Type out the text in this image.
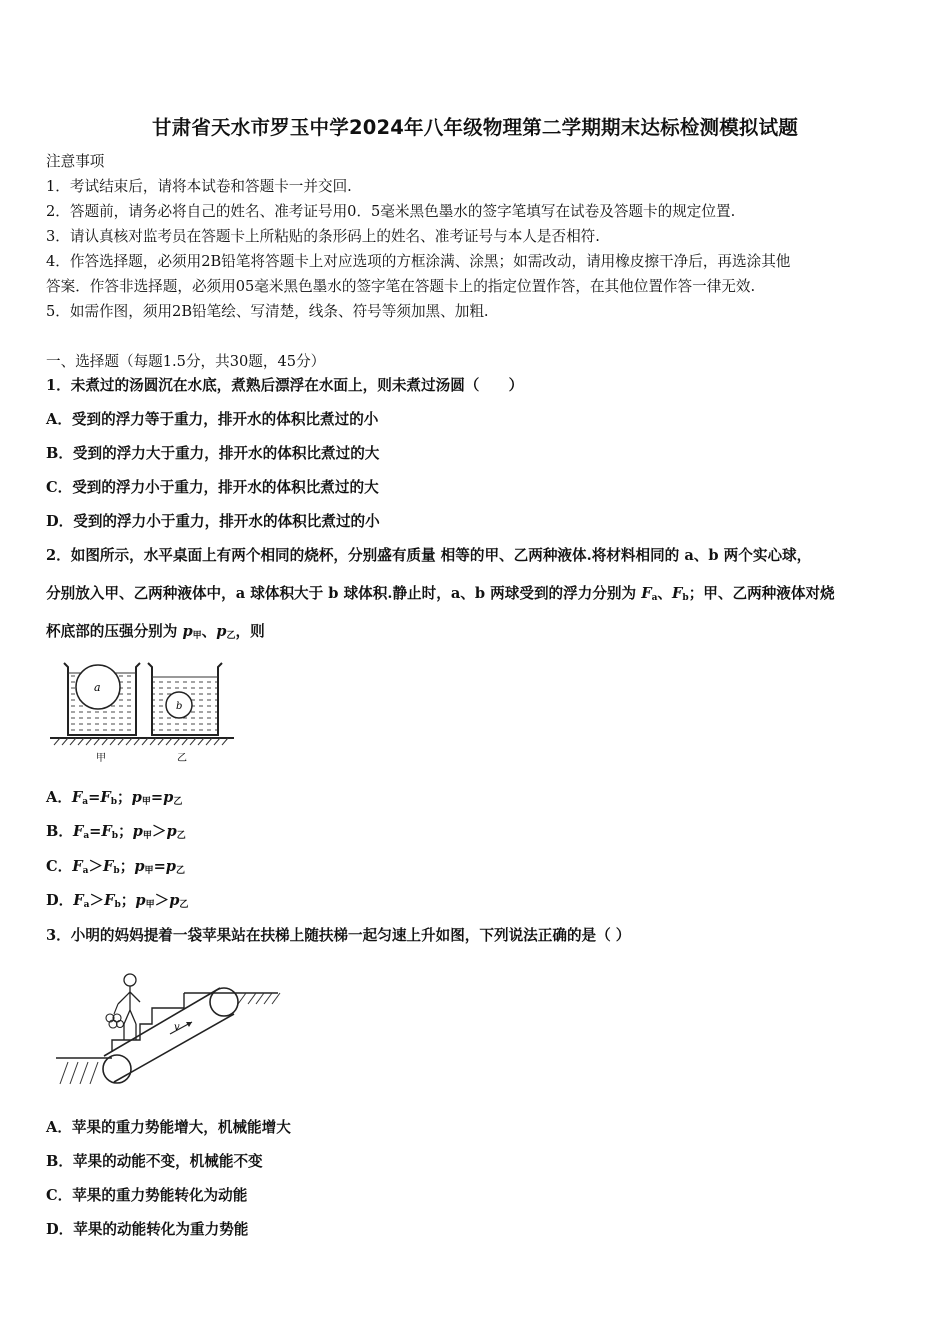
甘肃省天水市罗玉中学2024年八年级物理第二学期期末达标检测模拟试题
注意事项
1．考试结束后，请将本试卷和答题卡一并交回.
2．答题前，请务必将自己的姓名、准考证号用0．5毫米黑色墨水的签字笔填写在试卷及答题卡的规定位置.
3．请认真核对监考员在答题卡上所粘贴的条形码上的姓名、准考证号与本人是否相符.
4．作答选择题，必须用2B铅笔将答题卡上对应选项的方框涂满、涂黑；如需改动，请用橡皮擦干净后，再选涂其他
答案．作答非选择题，必须用05毫米黑色墨水的签字笔在答题卡上的指定位置作答，在其他位置作答一律无效.
5．如需作图，须用2B铅笔绘、写清楚，线条、符号等须加黑、加粗.
一、选择题（每题1.5分，共30题，45分）
1．未煮过的汤圆沉在水底，煮熟后漂浮在水面上，则未煮过汤圆（　　）
A．受到的浮力等于重力，排开水的体积比煮过的小
B．受到的浮力大于重力，排开水的体积比煮过的大
C．受到的浮力小于重力，排开水的体积比煮过的大
D．受到的浮力小于重力，排开水的体积比煮过的小
2．如图所示，水平桌面上有两个相同的烧杯，分别盛有质量 相等的甲、乙两种液体.将材料相同的 a、b 两个实心球，
分别放入甲、乙两种液体中，a 球体积大于 b 球体积.静止时，a、b 两球受到的浮力分别为 $F_a$、$F_b$；甲、乙两种液体对烧
杯底部的压强分别为 $p_甲$、$p_乙$，则
a
b
甲	乙
A．$F_a=F_b$；$p_甲=p_乙$
B．$F_a=F_b$；$p_甲>p_乙$
C．$F_a>F_b$；$p_甲=p_乙$
D．$F_a>F_b$；$p_甲>p_乙$
3．小明的妈妈提着一袋苹果站在扶梯上随扶梯一起匀速上升如图，下列说法正确的是（ ）
v
A．苹果的重力势能增大，机械能增大
B．苹果的动能不变，机械能不变
C．苹果的重力势能转化为动能
D．苹果的动能转化为重力势能
